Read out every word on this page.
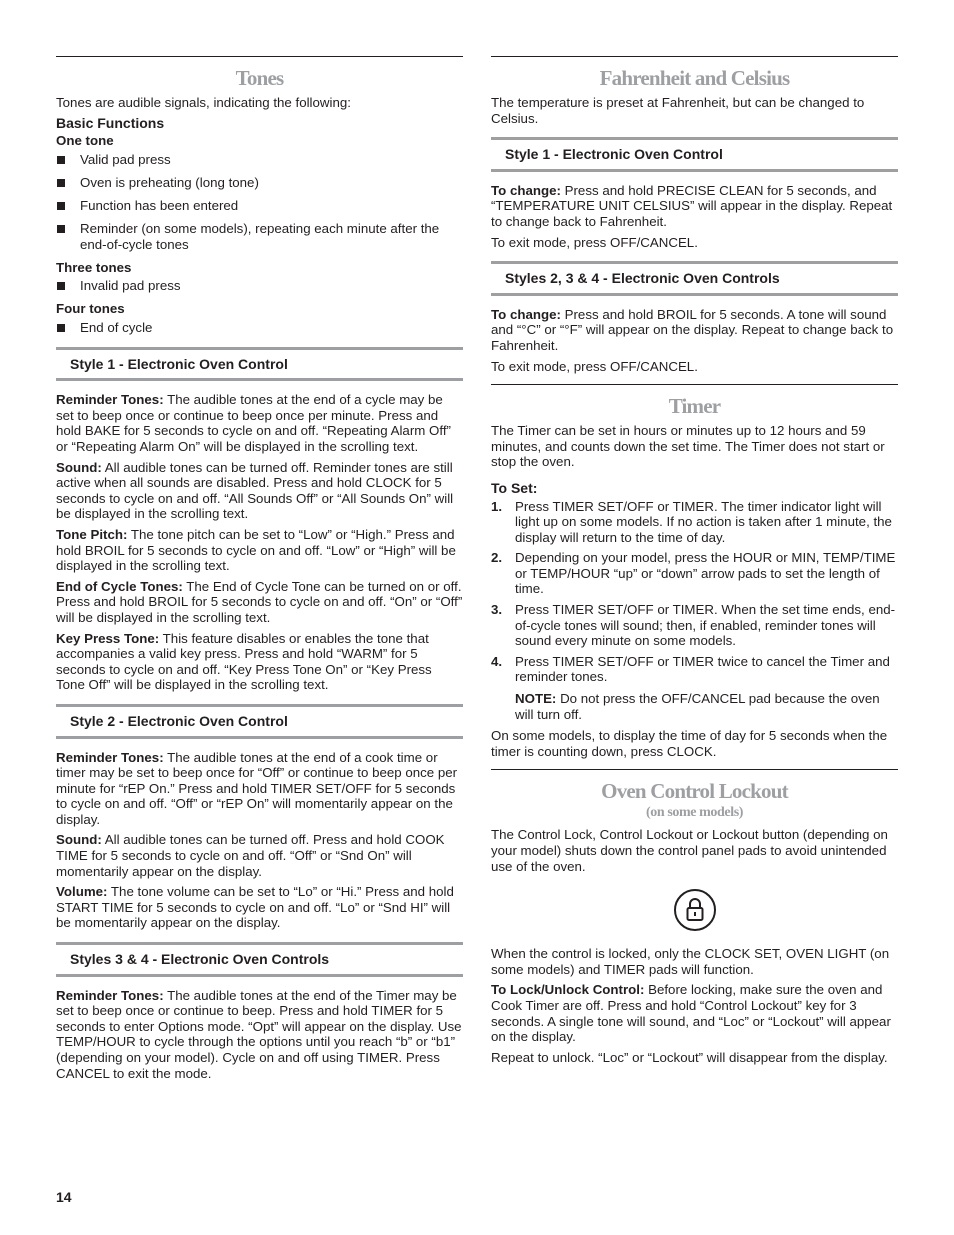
Tones

Tones are audible signals, indicating the following:

Basic Functions
One tone
Valid pad press
Oven is preheating (long tone)
Function has been entered
Reminder (on some models), repeating each minute after the end-of-cycle tones
Three tones
Invalid pad press
Four tones
End of cycle
Style 1 - Electronic Oven Control

Reminder Tones: The audible tones at the end of a cycle may be set to beep once or continue to beep once per minute. Press and hold BAKE for 5 seconds to cycle on and off. “Repeating Alarm Off” or “Repeating Alarm On” will be displayed in the scrolling text.

Sound: All audible tones can be turned off. Reminder tones are still active when all sounds are disabled. Press and hold CLOCK for 5 seconds to cycle on and off. “All Sounds Off” or “All Sounds On” will be displayed in the scrolling text.

Tone Pitch: The tone pitch can be set to “Low” or “High.” Press and hold BROIL for 5 seconds to cycle on and off. “Low” or “High” will be displayed in the scrolling text.

End of Cycle Tones: The End of Cycle Tone can be turned on or off. Press and hold BROIL for 5 seconds to cycle on and off. “On” or “Off” will be displayed in the scrolling text.

Key Press Tone: This feature disables or enables the tone that accompanies a valid key press. Press and hold “WARM” for 5 seconds to cycle on and off. “Key Press Tone On” or “Key Press Tone Off” will be displayed in the scrolling text.

Style 2 - Electronic Oven Control

Reminder Tones: The audible tones at the end of a cook time or timer may be set to beep once for “Off” or continue to beep once per minute for “rEP On.” Press and hold TIMER SET/OFF for 5 seconds to cycle on and off. “Off” or “rEP On” will momentarily appear on the display.

Sound: All audible tones can be turned off. Press and hold COOK TIME for 5 seconds to cycle on and off. “Off” or “Snd On” will momentarily appear on the display.

Volume: The tone volume can be set to “Lo” or “Hi.” Press and hold START TIME for 5 seconds to cycle on and off. “Lo” or “Snd HI” will be momentarily appear on the display.

Styles 3 & 4 - Electronic Oven Controls

Reminder Tones: The audible tones at the end of the Timer may be set to beep once or continue to beep. Press and hold TIMER for 5 seconds to enter Options mode. “Opt” will appear on the display. Use TEMP/HOUR to cycle through the options until you reach “b” or “b1” (depending on your model). Cycle on and off using TIMER. Press CANCEL to exit the mode.

Fahrenheit and Celsius

The temperature is preset at Fahrenheit, but can be changed to Celsius.

Style 1 - Electronic Oven Control

To change: Press and hold PRECISE CLEAN for 5 seconds, and “TEMPERATURE UNIT CELSIUS” will appear in the display. Repeat to change back to Fahrenheit.

To exit mode, press OFF/CANCEL.

Styles 2, 3 & 4 - Electronic Oven Controls

To change: Press and hold BROIL for 5 seconds. A tone will sound and “°C” or “°F” will appear on the display. Repeat to change back to Fahrenheit.

To exit mode, press OFF/CANCEL.

Timer

The Timer can be set in hours or minutes up to 12 hours and 59 minutes, and counts down the set time. The Timer does not start or stop the oven.

To Set:
1. Press TIMER SET/OFF or TIMER. The timer indicator light will light up on some models. If no action is taken after 1 minute, the display will return to the time of day.
2. Depending on your model, press the HOUR or MIN, TEMP/TIME or TEMP/HOUR “up” or “down” arrow pads to set the length of time.
3. Press TIMER SET/OFF or TIMER. When the set time ends, end-of-cycle tones will sound; then, if enabled, reminder tones will sound every minute on some models.
4. Press TIMER SET/OFF or TIMER twice to cancel the Timer and reminder tones.

NOTE: Do not press the OFF/CANCEL pad because the oven will turn off.

On some models, to display the time of day for 5 seconds when the timer is counting down, press CLOCK.

Oven Control Lockout
(on some models)

The Control Lock, Control Lockout or Lockout button (depending on your model) shuts down the control panel pads to avoid unintended use of the oven.

When the control is locked, only the CLOCK SET, OVEN LIGHT (on some models) and TIMER pads will function.

To Lock/Unlock Control: Before locking, make sure the oven and Cook Timer are off. Press and hold “Control Lockout” key for 3 seconds. A single tone will sound, and “Loc” or “Lockout” will appear on the display.

Repeat to unlock. “Loc” or “Lockout” will disappear from the display.

14
